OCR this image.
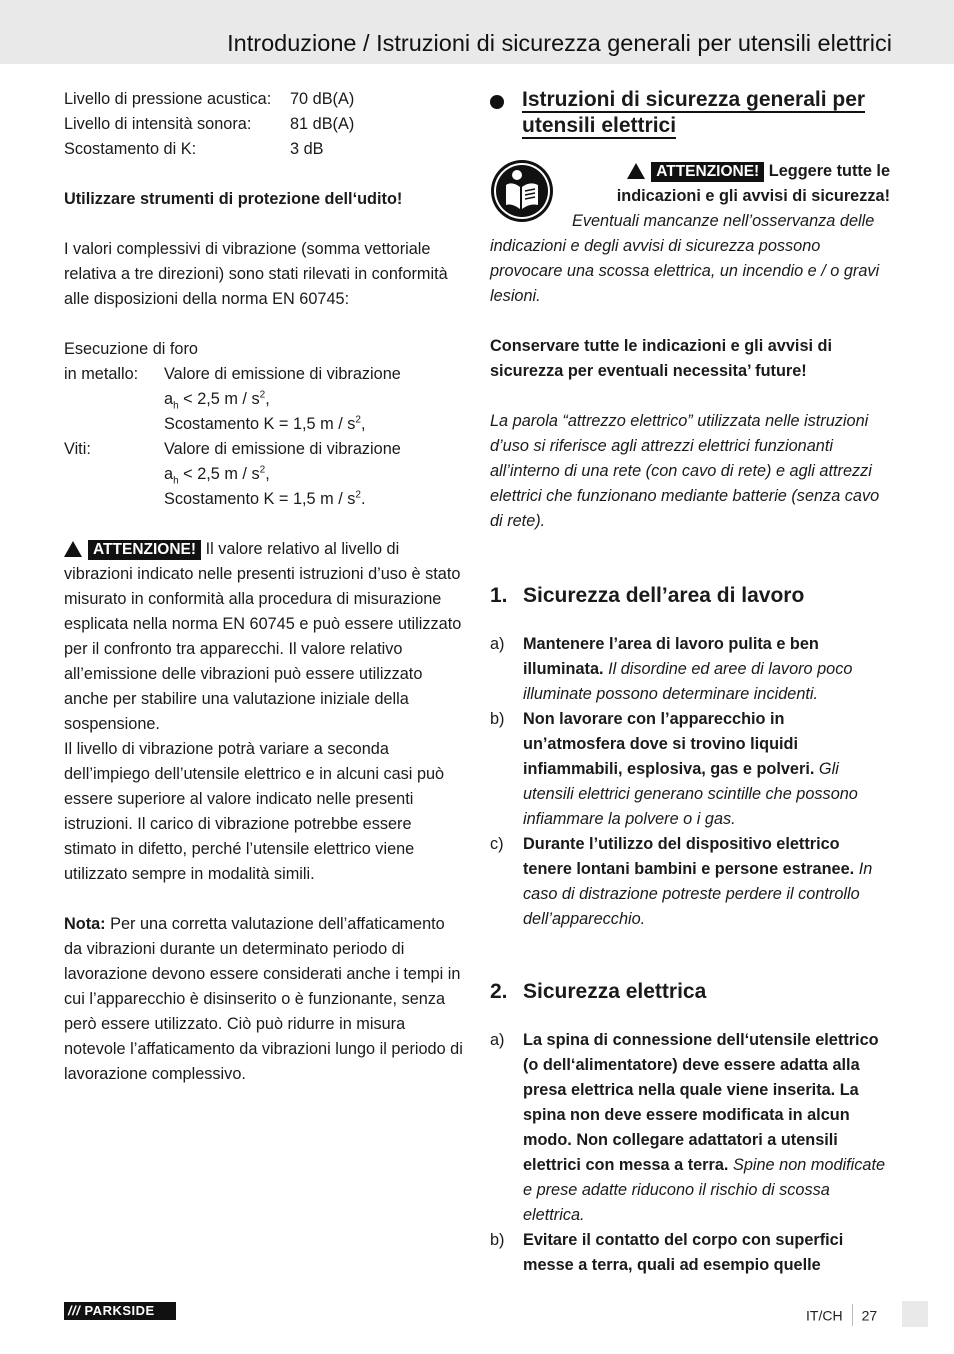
Introduzione / Istruzioni di sicurezza generali per utensili elettrici
Livello di pressione acustica:	70 dB(A)
Livello di intensità sonora:	81 dB(A)
Scostamento di K:	3 dB

Utilizzare strumenti di protezione dell‘udito!

I valori complessivi di vibrazione (somma vettoriale relativa a tre direzioni) sono stati rilevati in conformità alle disposizioni della norma EN 60745:

Esecuzione di foro

in metallo:	Valore di emissione di vibrazione
$a_h < 2,5$ m / $s^2$,
Scostamento K = 1,5 m / $s^2$,
Viti:	Valore di emissione di vibrazione
$a_h < 2,5$ m / $s^2$,
Scostamento K = 1,5 m / $s^2$.

ATTENZIONE! Il valore relativo al livello di vibrazioni indicato nelle presenti istruzioni d’uso è stato misurato in conformità alla procedura di misurazione esplicata nella norma EN 60745 e può essere utilizzato per il confronto tra apparecchi. Il valore relativo all’emissione delle vibrazioni può essere utilizzato anche per stabilire una valutazione iniziale della sospensione.

Il livello di vibrazione potrà variare a seconda dell’impiego dell’utensile elettrico e in alcuni casi può essere superiore al valore indicato nelle presenti istruzioni. Il carico di vibrazione potrebbe essere stimato in difetto, perché l’utensile elettrico viene utilizzato sempre in modalità simili.

Nota: Per una corretta valutazione dell’affaticamento da vibrazioni durante un determinato periodo di lavorazione devono essere considerati anche i tempi in cui l’apparecchio è disinserito o è funzionante, senza però essere utilizzato. Ciò può ridurre in misura notevole l’affaticamento da vibrazioni lungo il periodo di lavorazione complessivo.

Istruzioni di sicurezza generali per utensili elettrici

ATTENZIONE! Leggere tutte le indicazioni e gli avvisi di sicurezza!

Eventuali mancanze nell’osservanza delle indicazioni e degli avvisi di sicurezza possono provocare una scossa elettrica, un incendio e / o gravi lesioni.

Conservare tutte le indicazioni e gli avvisi di sicurezza per eventuali necessita’ future!

La parola “attrezzo elettrico” utilizzata nelle istruzioni d’uso si riferisce agli attrezzi elettrici funzionanti all’interno di una rete (con cavo di rete) e agli attrezzi elettrici che funzionano mediante batterie (senza cavo di rete).

1. Sicurezza dell’area di lavoro
a)	Mantenere l’area di lavoro pulita e ben illuminata. Il disordine ed aree di lavoro poco illuminate possono determinare incidenti.
b)	Non lavorare con l’apparecchio in un’atmosfera dove si trovino liquidi infiammabili, esplosiva, gas e polveri. Gli utensili elettrici generano scintille che possono infiammare la polvere o i gas.
c)	Durante l’utilizzo del dispositivo elettrico tenere lontani bambini e persone estranee. In caso di distrazione potreste perdere il controllo dell’apparecchio.
2. Sicurezza elettrica
a)	La spina di connessione dell‘utensile elettrico (o dell‘alimentatore) deve essere adatta alla presa elettrica nella quale viene inserita. La spina non deve essere modificata in alcun modo. Non collegare adattatori a utensili elettrici con messa a terra. Spine non modificate e prese adatte riducono il rischio di scossa elettrica.
b)	Evitare il contatto del corpo con superfici messe a terra, quali ad esempio quelle
/// PARKSIDE	IT/CH 27
